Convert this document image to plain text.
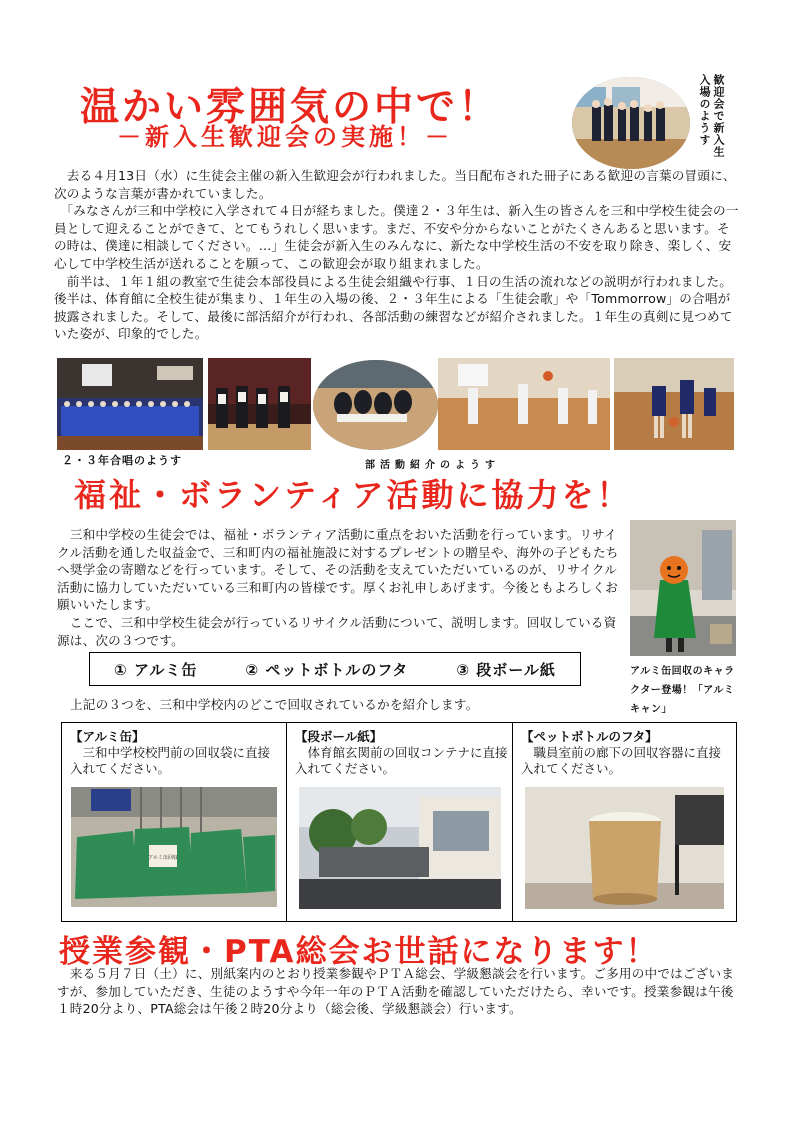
温かい雰囲気の中で！
－新入生歓迎会の実施！－	歓迎会で新入生入場のようす

　去る４月13日（水）に生徒会主催の新入生歓迎会が行われました。当日配布された冊子にある歓迎の言葉の冒頭に、次のような言葉が書かれていました。

　「みなさんが三和中学校に入学されて４日が経ちました。僕達２・３年生は、新入生の皆さんを三和中学校生徒会の一員として迎えることができて、とてもうれしく思います。まだ、不安や分からないことがたくさんあると思います。その時は、僕達に相談してください。…」生徒会が新入生のみんなに、新たな中学校生活の不安を取り除き、楽しく、安心して中学校生活が送れることを願って、この歓迎会が取り組まれました。

　前半は、１年１組の教室で生徒会本部役員による生徒会組織や行事、１日の生活の流れなどの説明が行われました。後半は、体育館に全校生徒が集まり、１年生の入場の後、２・３年生による「生徒会歌」や「Tommorrow」の合唱が披露されました。そして、最後に部活紹介が行われ、各部活動の練習などが紹介されました。１年生の真剣に見つめていた姿が、印象的でした。

２・３年合唱のようす	部活動紹介のようす
福祉・ボランティア活動に協力を！

　三和中学校の生徒会では、福祉・ボランティア活動に重点をおいた活動を行っています。リサイクル活動を通した収益金で、三和町内の福祉施設に対するプレゼントの贈呈や、海外の子どもたちへ奨学金の寄贈などを行っています。そして、その活動を支えていただいているのが、リサイクル活動に協力していただいている三和町内の皆様です。厚くお礼申しあげます。今後ともよろしくお願いいたします。

　ここで、三和中学校生徒会が行っているリサイクル活動について、説明します。回収している資源は、次の３つです。

アルミ缶回収のキャラクター登場！「アルミキャン」
① アルミ缶	② ペットボトルのフタ	③ 段ボール紙
上記の３つを、三和中学校内のどこで回収されているかを紹介します。
【アルミ缶】
　三和中学校校門前の回収袋に直接入れてください。
アルミ缶回収
【段ボール紙】
　体育館玄関前の回収コンテナに直接入れてください。
【ペットボトルのフタ】
　職員室前の廊下の回収容器に直接入れてください。
授業参観・PTA総会お世話になります！
　来る５月７日（土）に、別紙案内のとおり授業参観やＰＴＡ総会、学級懇談会を行います。ご多用の中ではございますが、参加していただき、生徒のようすや今年一年のＰＴＡ活動を確認していただけたら、幸いです。授業参観は午後１時20分より、PTA総会は午後２時20分より（総会後、学級懇談会）行います。
